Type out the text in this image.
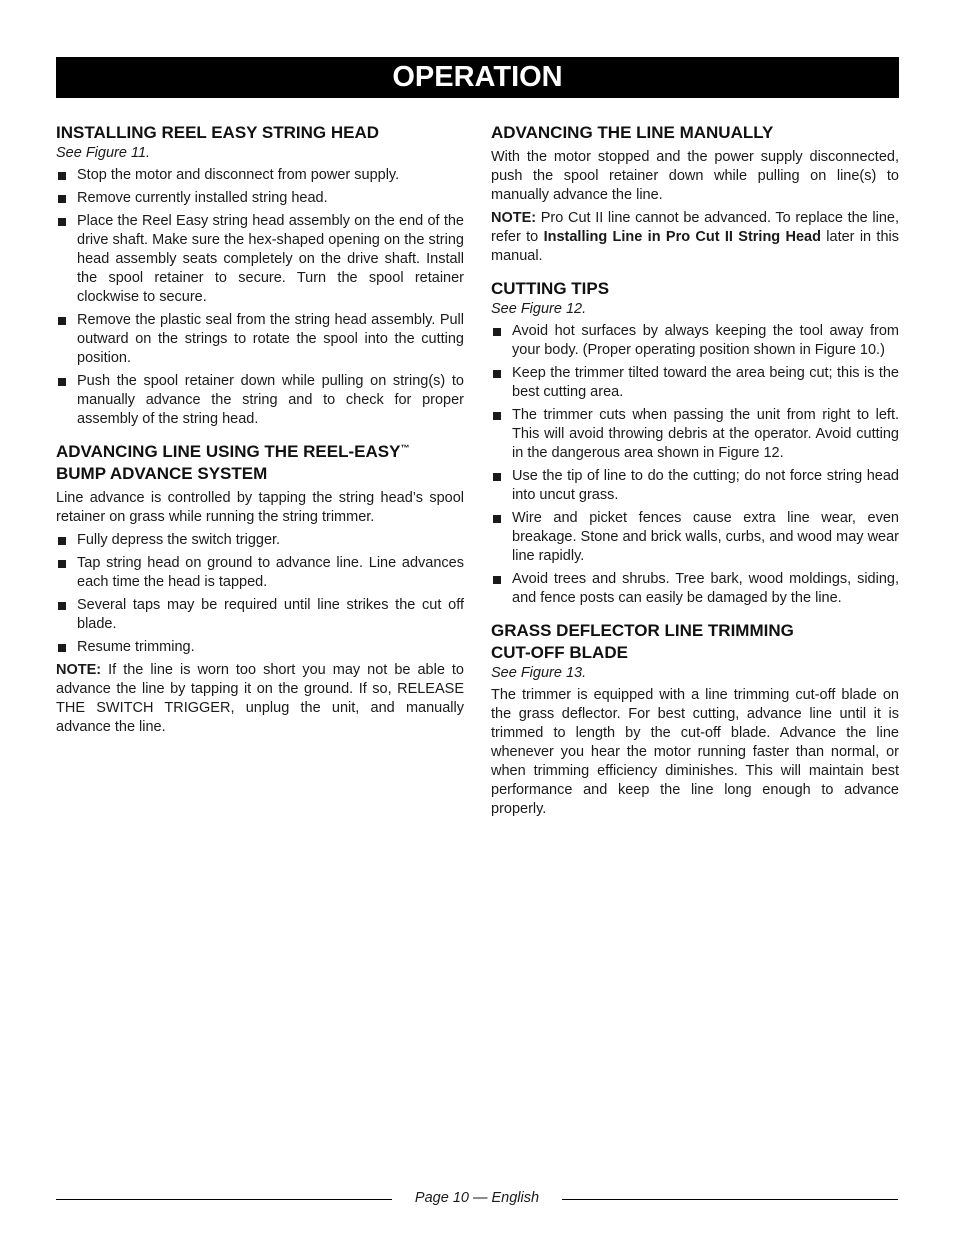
OPERATION
INSTALLING REEL EASY STRING HEAD
See Figure 11.
Stop the motor and disconnect from power supply.
Remove currently installed string head.
Place the Reel Easy string head assembly on the end of the drive shaft. Make sure the hex-shaped opening on the string head assembly seats completely on the drive shaft. Install the spool retainer to secure. Turn the spool retainer clockwise to secure.
Remove the plastic seal from the string head assembly. Pull outward on the strings to rotate the spool into the cutting position.
Push the spool retainer down while pulling on string(s) to manually advance the string and to check for proper assembly of the string head.
ADVANCING LINE USING THE REEL-EASY™
BUMP ADVANCE SYSTEM

Line advance is controlled by tapping the string head’s spool retainer on grass while running the string trimmer.

Fully depress the switch trigger.
Tap string head on ground to advance line. Line advances each time the head is tapped.
Several taps may be required until line strikes the cut off blade.
Resume trimming.

NOTE: If the line is worn too short you may not be able to advance the line by tapping it on the ground. If so, RELEASE THE SWITCH TRIGGER, unplug the unit, and manually advance the line.

ADVANCING THE LINE MANUALLY

With the motor stopped and the power supply disconnected, push the spool retainer down while pulling on line(s) to manually advance the line.

NOTE: Pro Cut II line cannot be advanced. To replace the line, refer to Installing Line in Pro Cut II String Head later in this manual.

CUTTING TIPS
See Figure 12.
Avoid hot surfaces by always keeping the tool away from your body. (Proper operating position shown in Figure 10.)
Keep the trimmer tilted toward the area being cut; this is the best cutting area.
The trimmer cuts when passing the unit from right to left. This will avoid throwing debris at the operator. Avoid cutting in the dangerous area shown in Figure 12.
Use the tip of line to do the cutting; do not force string head into uncut grass.
Wire and picket fences cause extra line wear, even breakage. Stone and brick walls, curbs, and wood may wear line rapidly.
Avoid trees and shrubs. Tree bark, wood moldings, siding, and fence posts can easily be damaged by the line.
GRASS DEFLECTOR LINE TRIMMING
CUT-OFF BLADE
See Figure 13.

The trimmer is equipped with a line trimming cut-off blade on the grass deflector. For best cutting, advance line until it is trimmed to length by the cut-off blade. Advance the line whenever you hear the motor running faster than normal, or when trimming efficiency diminishes. This will maintain best performance and keep the line long enough to advance properly.

Page 10 — English
